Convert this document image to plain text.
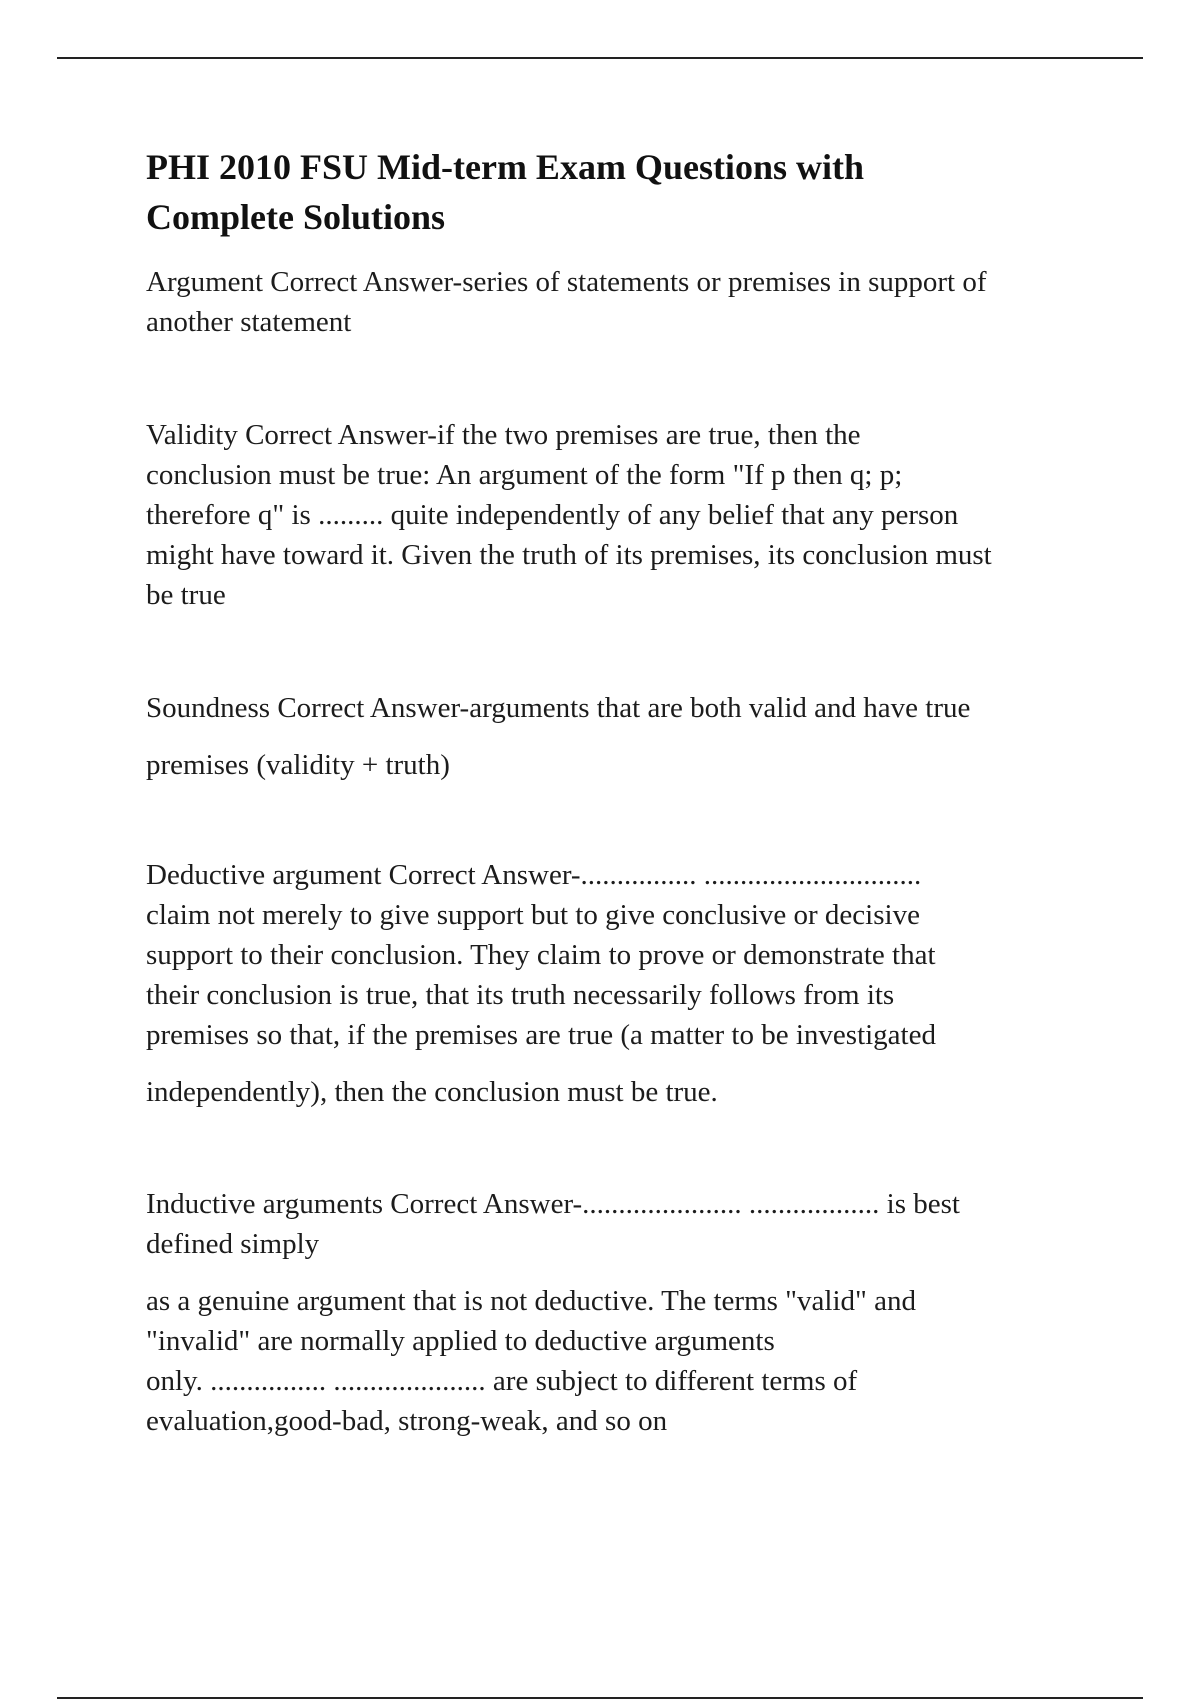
PHI 2010 FSU Mid-term Exam Questions with
Complete Solutions

Argument Correct Answer-series of statements or premises in support of
another statement

Validity Correct Answer-if the two premises are true, then the
conclusion must be true: An argument of the form "If p then q; p;
therefore q" is ......... quite independently of any belief that any person
might have toward it. Given the truth of its premises, its conclusion must
be true

Soundness Correct Answer-arguments that are both valid and have true
premises (validity + truth)

Deductive argument Correct Answer-................ ..............................
claim not merely to give support but to give conclusive or decisive
support to their conclusion. They claim to prove or demonstrate that
their conclusion is true, that its truth necessarily follows from its
premises so that, if the premises are true (a matter to be investigated
independently), then the conclusion must be true.

Inductive arguments Correct Answer-...................... .................. is best
defined simply
as a genuine argument that is not deductive. The terms "valid" and
"invalid" are normally applied to deductive arguments
only. ................ ..................... are subject to different terms of
evaluation,good-bad, strong-weak, and so on
